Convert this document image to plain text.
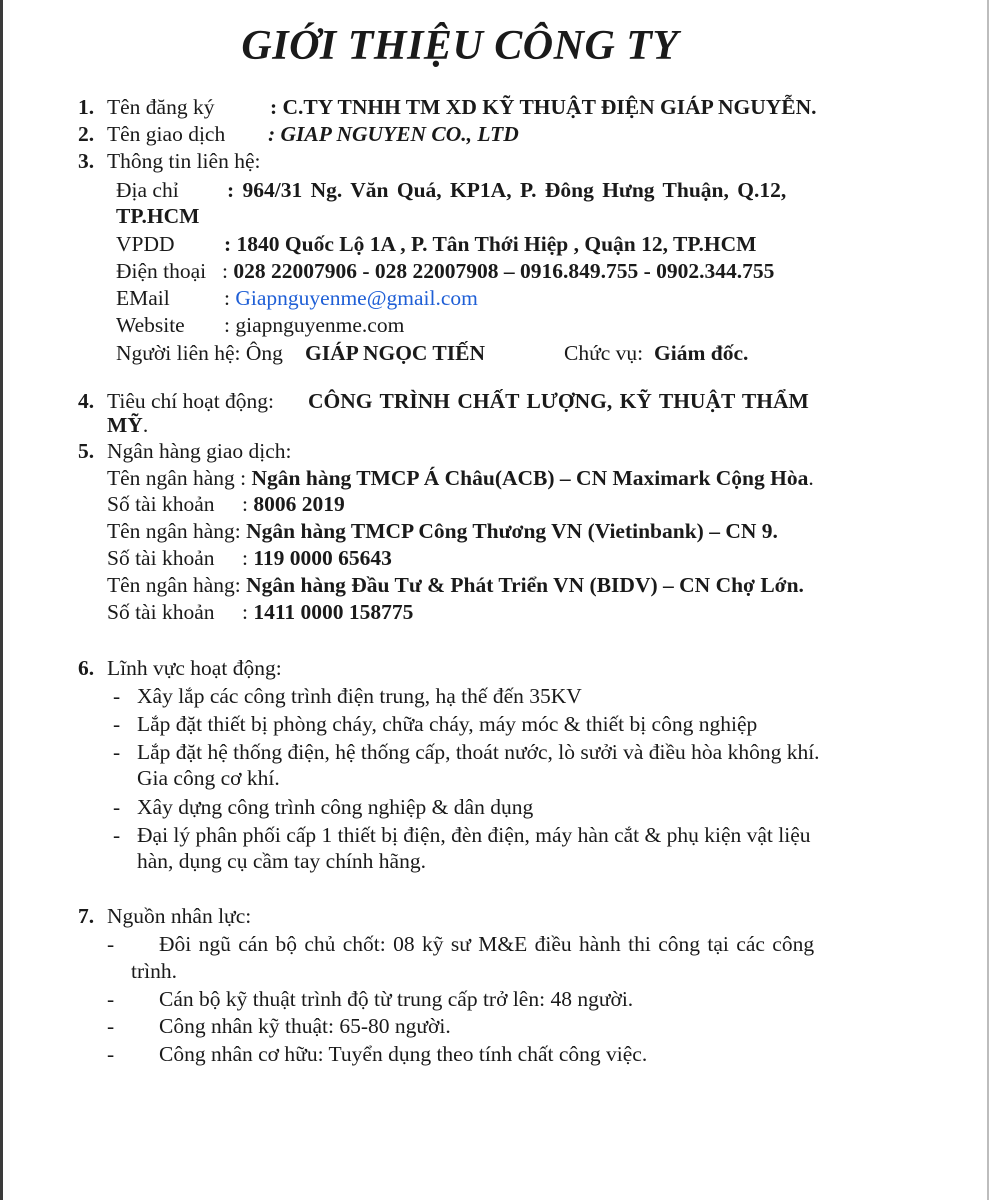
GIỚI THIỆU CÔNG TY
1. Tên đăng ký	: C.TY TNHH TM XD KỸ THUẬT ĐIỆN GIÁP NGUYỄN.
2. Tên giao dịch : GIAP NGUYEN CO., LTD
3. Thông tin liên hệ:
Địa chỉ : 964/31 Ng. Văn Quá, KP1A, P. Đông Hưng Thuận, Q.12,
TP.HCM
VPDD : 1840 Quốc Lộ 1A , P. Tân Thới Hiệp , Quận 12, TP.HCM
Điện thoại : 028 22007906 - 028 22007908 – 0916.849.755 - 0902.344.755
EMail	: Giapnguyenme@gmail.com
Website : giapnguyenme.com
Người liên hệ: Ông GIÁP NGỌC TIẾN	Chức vụ: Giám đốc.
4. Tiêu chí hoạt động: CÔNG TRÌNH CHẤT LƯỢNG, KỸ THUẬT THẨM
MỸ.
5. Ngân hàng giao dịch:
Tên ngân hàng : Ngân hàng TMCP Á Châu(ACB) – CN Maximark Cộng Hòa.
Số tài khoản : 8006 2019
Tên ngân hàng: Ngân hàng TMCP Công Thương VN (Vietinbank) – CN 9.
Số tài khoản : 119 0000 65643
Tên ngân hàng: Ngân hàng Đầu Tư & Phát Triển VN (BIDV) – CN Chợ Lớn.
Số tài khoản : 1411 0000 158775
6. Lĩnh vực hoạt động:
- Xây lắp các công trình điện trung, hạ thế đến 35KV
- Lắp đặt thiết bị phòng cháy, chữa cháy, máy móc & thiết bị công nghiệp
- Lắp đặt hệ thống điện, hệ thống cấp, thoát nước, lò sưởi và điều hòa không khí.
Gia công cơ khí.
- Xây dựng công trình công nghiệp & dân dụng
- Đại lý phân phối cấp 1 thiết bị điện, đèn điện, máy hàn cắt & phụ kiện vật liệu
hàn, dụng cụ cầm tay chính hãng.
7. Nguồn nhân lực:
- Đôi ngũ cán bộ chủ chốt: 08 kỹ sư M&E điều hành thi công tại các công
trình.
- Cán bộ kỹ thuật trình độ từ trung cấp trở lên: 48 người.
- Công nhân kỹ thuật: 65-80 người.
- Công nhân cơ hữu: Tuyển dụng theo tính chất công việc.
